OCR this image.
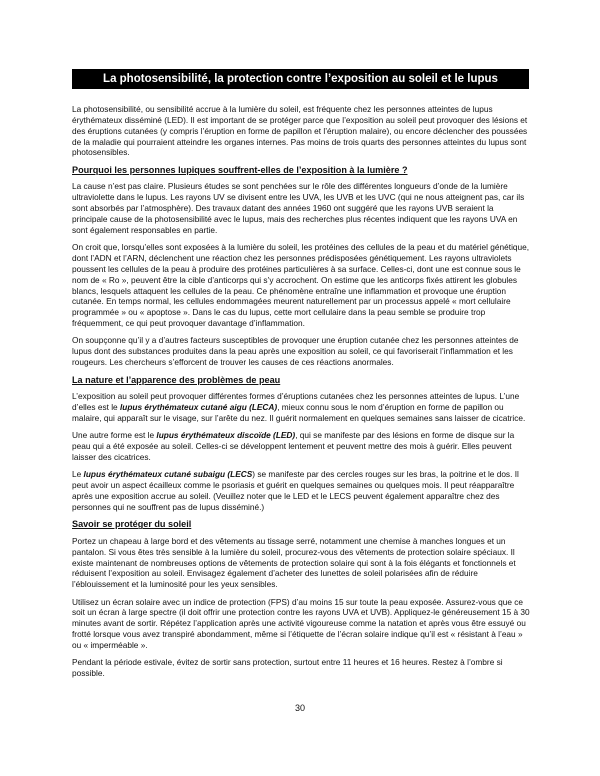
La photosensibilité, la protection contre l’exposition au soleil et le lupus

La photosensibilité, ou sensibilité accrue à la lumière du soleil, est fréquente chez les personnes atteintes de lupus érythémateux disséminé (LED). Il est important de se protéger parce que l’exposition au soleil peut provoquer des lésions et des éruptions cutanées (y compris l’éruption en forme de papillon et l’éruption malaire), ou encore déclencher des poussées de la maladie qui pourraient atteindre les organes internes. Pas moins de trois quarts des personnes atteintes du lupus sont photosensibles.

Pourquoi les personnes lupiques souffrent-elles de l’exposition à la lumière ?

La cause n’est pas claire. Plusieurs études se sont penchées sur le rôle des différentes longueurs d’onde de la lumière ultraviolette dans le lupus. Les rayons UV se divisent entre les UVA, les UVB et les UVC (qui ne nous atteignent pas, car ils sont absorbés par l’atmosphère). Des travaux datant des années 1960 ont suggéré que les rayons UVB seraient la principale cause de la photosensibilité avec le lupus, mais des recherches plus récentes indiquent que les rayons UVA en sont également responsables en partie.

On croit que, lorsqu’elles sont exposées à la lumière du soleil, les protéines des cellules de la peau et du matériel génétique, dont l’ADN et l’ARN, déclenchent une réaction chez les personnes prédisposées génétiquement. Les rayons ultraviolets poussent les cellules de la peau à produire des protéines particulières à sa surface. Celles-ci, dont une est connue sous le nom de « Ro », peuvent être la cible d’anticorps qui s’y accrochent. On estime que les anticorps fixés attirent les globules blancs, lesquels attaquent les cellules de la peau. Ce phénomène entraîne une inflammation et provoque une éruption cutanée. En temps normal, les cellules endommagées meurent naturellement par un processus appelé « mort cellulaire programmée » ou « apoptose ». Dans le cas du lupus, cette mort cellulaire dans la peau semble se produire trop fréquemment, ce qui peut provoquer davantage d’inflammation.

On soupçonne qu’il y a d’autres facteurs susceptibles de provoquer une éruption cutanée chez les personnes atteintes de lupus dont des substances produites dans la peau après une exposition au soleil, ce qui favoriserait l’inflammation et les rougeurs. Les chercheurs s’efforcent de trouver les causes de ces réactions anormales.

La nature et l’apparence des problèmes de peau

L’exposition au soleil peut provoquer différentes formes d’éruptions cutanées chez les personnes atteintes de lupus. L’une d’elles est le lupus érythémateux cutané aigu (LECA), mieux connu sous le nom d’éruption en forme de papillon ou malaire, qui apparaît sur le visage, sur l’arête du nez. Il guérit normalement en quelques semaines sans laisser de cicatrice.

Une autre forme est le lupus érythémateux discoïde (LED), qui se manifeste par des lésions en forme de disque sur la peau qui a été exposée au soleil. Celles-ci se développent lentement et peuvent mettre des mois à guérir. Elles peuvent laisser des cicatrices.

Le lupus érythémateux cutané subaigu (LECS) se manifeste par des cercles rouges sur les bras, la poitrine et le dos. Il peut avoir un aspect écailleux comme le psoriasis et guérit en quelques semaines ou quelques mois. Il peut réapparaître après une exposition accrue au soleil. (Veuillez noter que le LED et le LECS peuvent également apparaître chez des personnes qui ne souffrent pas de lupus disséminé.)

Savoir se protéger du soleil

Portez un chapeau à large bord et des vêtements au tissage serré, notamment une chemise à manches longues et un pantalon. Si vous êtes très sensible à la lumière du soleil, procurez-vous des vêtements de protection solaire spéciaux. Il existe maintenant de nombreuses options de vêtements de protection solaire qui sont à la fois élégants et fonctionnels et réduisent l’exposition au soleil. Envisagez également d’acheter des lunettes de soleil polarisées afin de réduire l’éblouissement et la luminosité pour les yeux sensibles.

Utilisez un écran solaire avec un indice de protection (FPS) d’au moins 15 sur toute la peau exposée. Assurez-vous que ce soit un écran à large spectre (il doit offrir une protection contre les rayons UVA et UVB). Appliquez-le généreusement 15 à 30 minutes avant de sortir. Répétez l’application après une activité vigoureuse comme la natation et après vous être essuyé ou frotté lorsque vous avez transpiré abondamment, même si l’étiquette de l’écran solaire indique qu’il est « résistant à l’eau » ou « imperméable ».

Pendant la période estivale, évitez de sortir sans protection, surtout entre 11 heures et 16 heures. Restez à l’ombre si possible.

30
